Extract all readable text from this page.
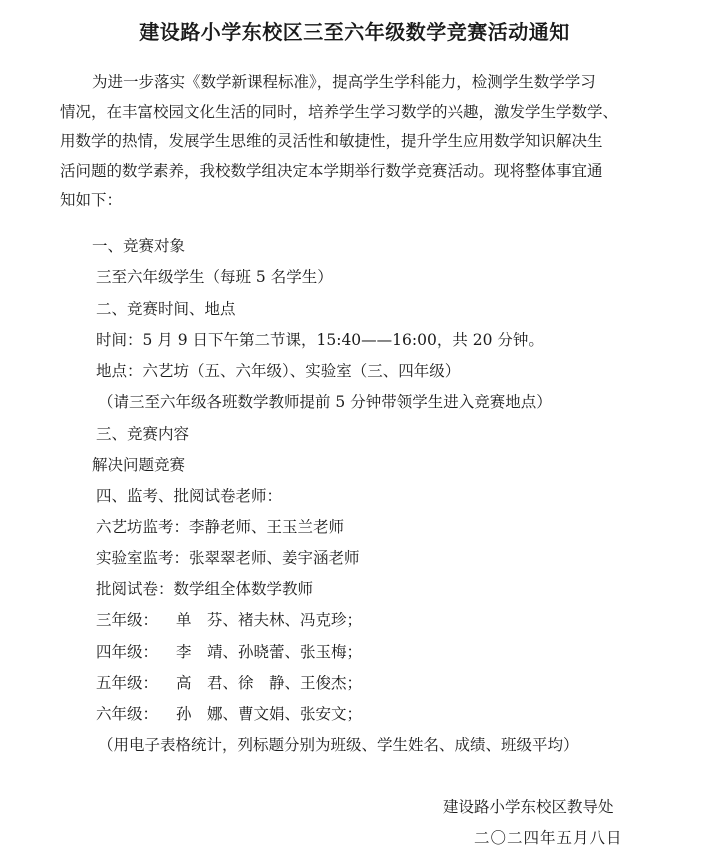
建设路小学东校区三至六年级数学竞赛活动通知
为进一步落实《数学新课程标准》，提高学生学科能力，检测学生数学学习
情况，在丰富校园文化生活的同时，培养学生学习数学的兴趣，激发学生学数学、
用数学的热情，发展学生思维的灵活性和敏捷性，提升学生应用数学知识解决生
活问题的数学素养，我校数学组决定本学期举行数学竞赛活动。现将整体事宜通
知如下：
一、竞赛对象
三至六年级学生（每班 5 名学生）
二、竞赛时间、地点
时间：5 月 9 日下午第二节课，15:40——16:00，共 20 分钟。
地点：六艺坊（五、六年级）、实验室（三、四年级）
（请三至六年级各班数学教师提前 5 分钟带领学生进入竞赛地点）
三、竞赛内容
解决问题竞赛
四、监考、批阅试卷老师：
六艺坊监考：李静老师、王玉兰老师
实验室监考：张翠翠老师、姜宇涵老师
批阅试卷：数学组全体数学教师
三年级： 单　芬、褚夫林、冯克珍；
四年级： 李　靖、孙晓蕾、张玉梅；
五年级： 高　君、徐　静、王俊杰；
六年级： 孙　娜、曹文娟、张安文；
（用电子表格统计，列标题分别为班级、学生姓名、成绩、班级平均）
建设路小学东校区教导处
二〇二四年五月八日
